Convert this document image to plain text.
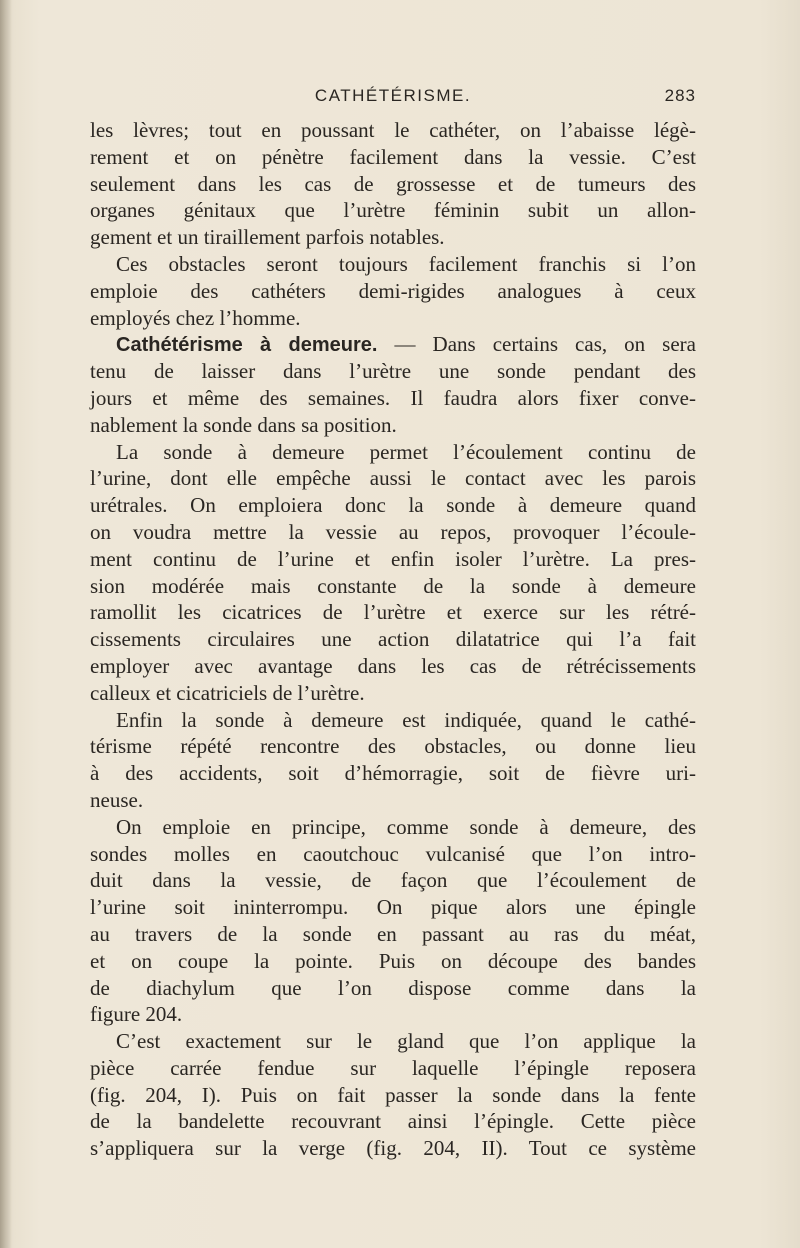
CATHÉTÉRISME.	283
les lèvres; tout en poussant le cathéter, on l’abaisse légè-
rement et on pénètre facilement dans la vessie. C’est
seulement dans les cas de grossesse et de tumeurs des
organes génitaux que l’urètre féminin subit un allon-
gement et un tiraillement parfois notables.
Ces obstacles seront toujours facilement franchis si l’on
emploie des cathéters demi-rigides analogues à ceux
employés chez l’homme.
Cathétérisme à demeure. — Dans certains cas, on sera
tenu de laisser dans l’urètre une sonde pendant des
jours et même des semaines. Il faudra alors fixer conve-
nablement la sonde dans sa position.
La sonde à demeure permet l’écoulement continu de
l’urine, dont elle empêche aussi le contact avec les parois
urétrales. On emploiera donc la sonde à demeure quand
on voudra mettre la vessie au repos, provoquer l’écoule-
ment continu de l’urine et enfin isoler l’urètre. La pres-
sion modérée mais constante de la sonde à demeure
ramollit les cicatrices de l’urètre et exerce sur les rétré-
cissements circulaires une action dilatatrice qui l’a fait
employer avec avantage dans les cas de rétrécissements
calleux et cicatriciels de l’urètre.
Enfin la sonde à demeure est indiquée, quand le cathé-
térisme répété rencontre des obstacles, ou donne lieu
à des accidents, soit d’hémorragie, soit de fièvre uri-
neuse.
On emploie en principe, comme sonde à demeure, des
sondes molles en caoutchouc vulcanisé que l’on intro-
duit dans la vessie, de façon que l’écoulement de
l’urine soit ininterrompu. On pique alors une épingle
au travers de la sonde en passant au ras du méat,
et on coupe la pointe. Puis on découpe des bandes
de diachylum que l’on dispose comme dans la
figure 204.
C’est exactement sur le gland que l’on applique la
pièce carrée fendue sur laquelle l’épingle reposera
(fig. 204, I). Puis on fait passer la sonde dans la fente
de la bandelette recouvrant ainsi l’épingle. Cette pièce
s’appliquera sur la verge (fig. 204, II). Tout ce système
